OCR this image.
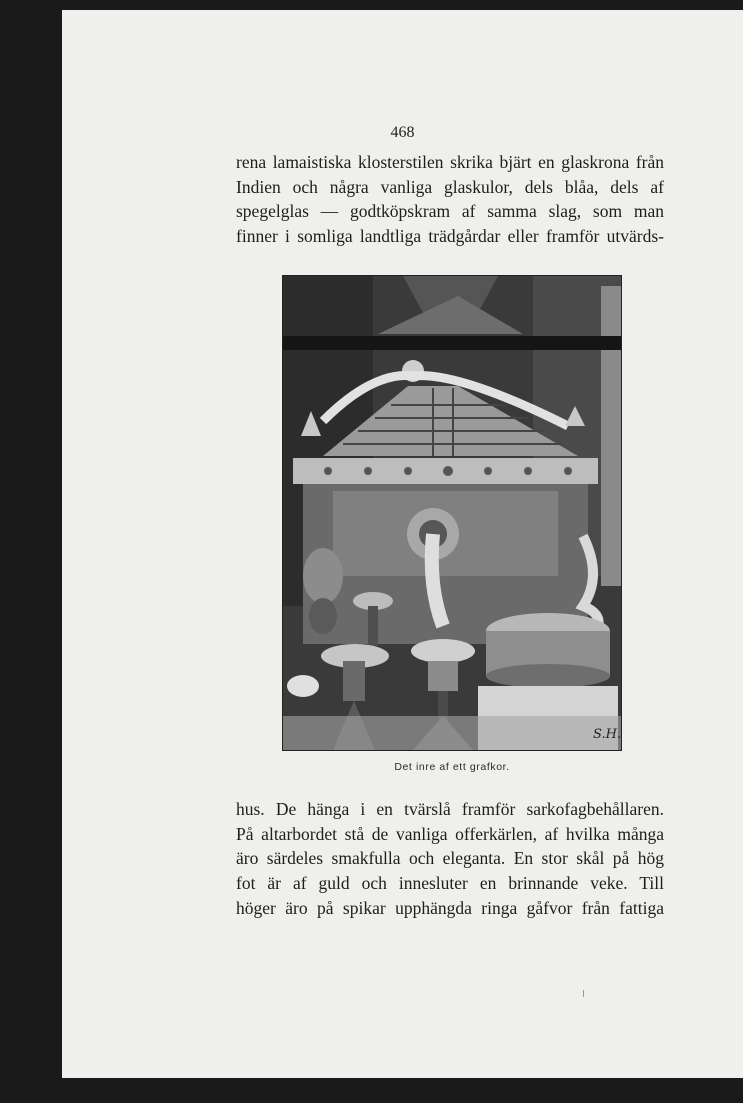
468
rena lamaistiska klosterstilen skrika bjärt en glaskrona från
Indien och några vanliga glaskulor, dels blåa, dels af
spegelglas — godtköpskram af samma slag, som man
finner i somliga landtliga trädgårdar eller framför utvärds-
S.H.
Det inre af ett grafkor.
hus. De hänga i en tvärslå framför sarkofagbehållaren.
På altarbordet stå de vanliga offerkärlen, af hvilka många
äro särdeles smakfulla och eleganta. En stor skål på hög
fot är af guld och innesluter en brinnande veke. Till
höger äro på spikar upphängda ringa gåfvor från fattiga
